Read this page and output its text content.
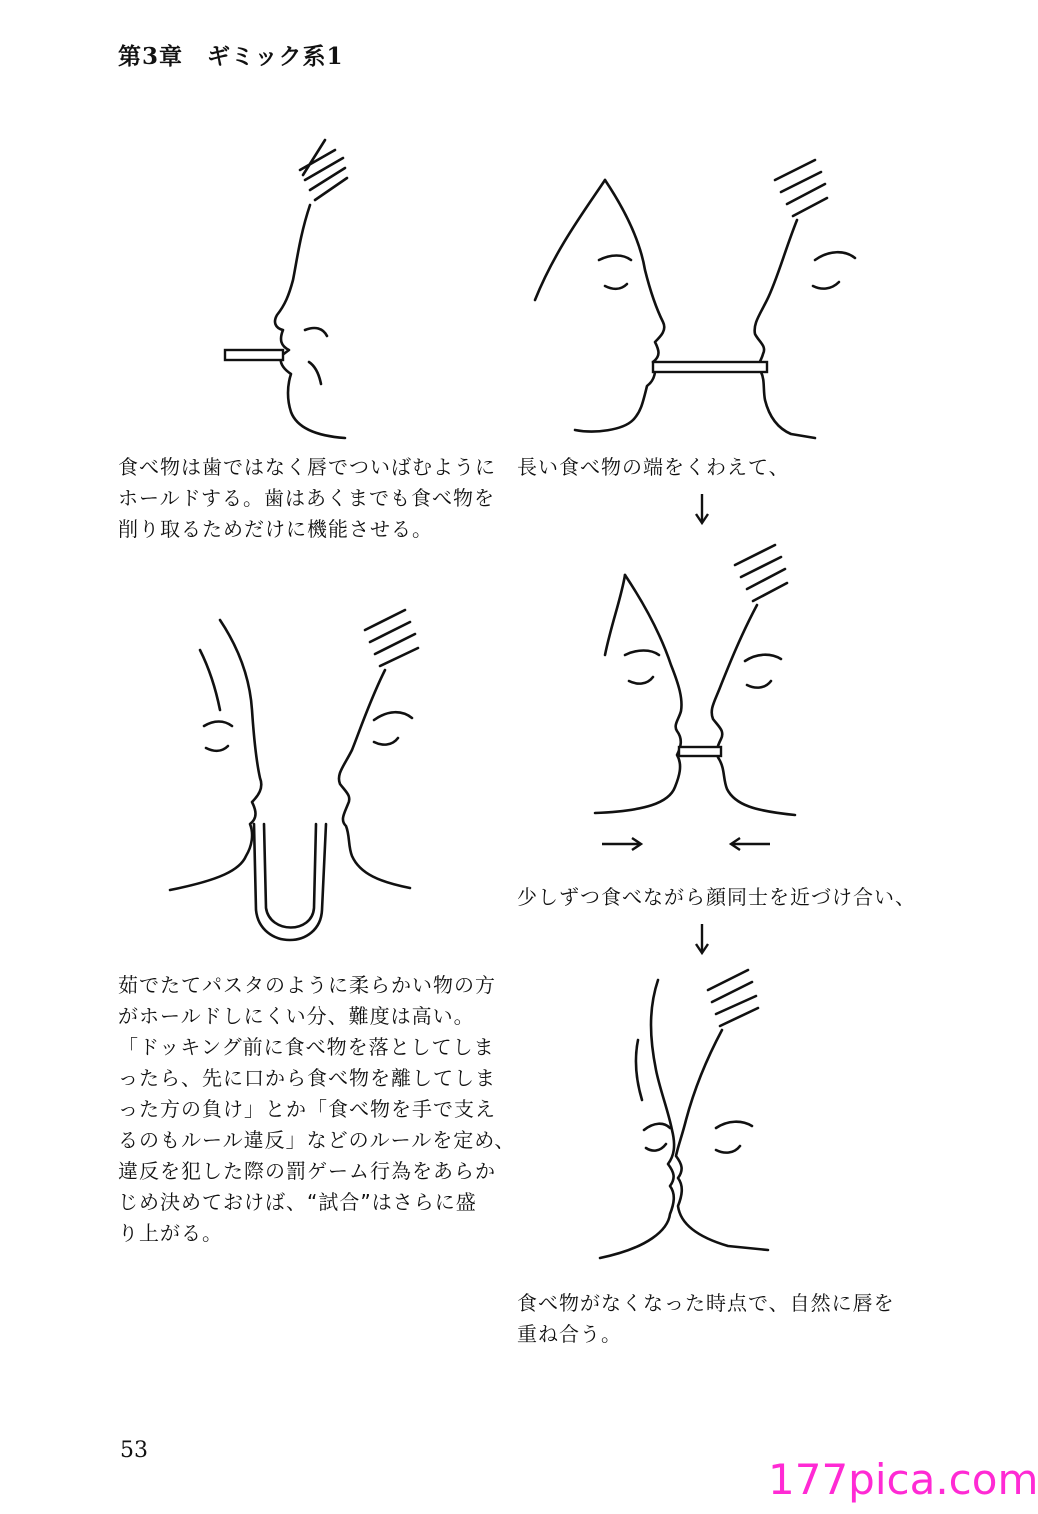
第3章　ギミック系1
食べ物は歯ではなく唇でついばむように
ホールドする。歯はあくまでも食べ物を
削り取るためだけに機能させる。
長い食べ物の端をくわえて、
少しずつ食べながら顔同士を近づけ合い、
茹でたてパスタのように柔らかい物の方
がホールドしにくい分、難度は高い。
「ドッキング前に食べ物を落としてしま
ったら、先に口から食べ物を離してしま
った方の負け」とか「食べ物を手で支え
るのもルール違反」などのルールを定め、
違反を犯した際の罰ゲーム行為をあらか
じめ決めておけば、“試合”はさらに盛
り上がる。
食べ物がなくなった時点で、自然に唇を
重ね合う。
53
177pica.com
